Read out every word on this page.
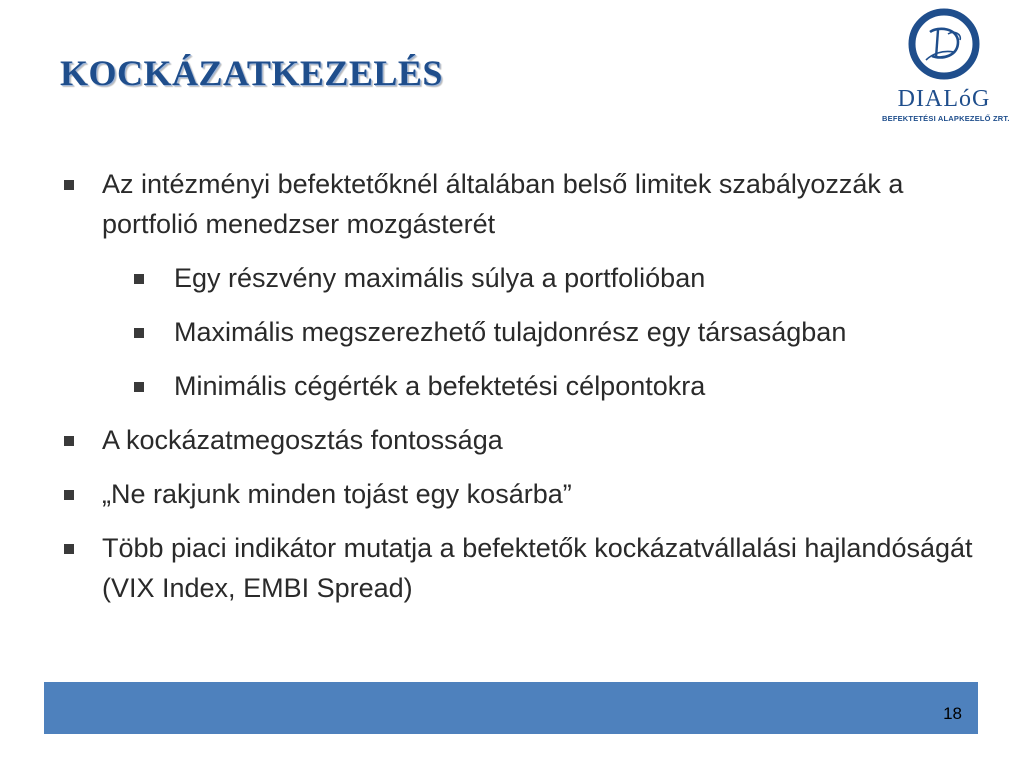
KOCKÁZATKEZELÉS
DIALóG
BEFEKTETÉSI ALAPKEZELŐ ZRT.
Az intézményi befektetőknél általában belső limitek szabályozzák a portfolió menedzser mozgásterét
Egy részvény maximális súlya a portfolióban
Maximális megszerezhető tulajdonrész egy társaságban
Minimális cégérték a befektetési célpontokra
A kockázatmegosztás fontossága
„Ne rakjunk minden tojást egy kosárba”
Több piaci indikátor mutatja a befektetők kockázatvállalási hajlandóságát (VIX Index, EMBI Spread)
18
